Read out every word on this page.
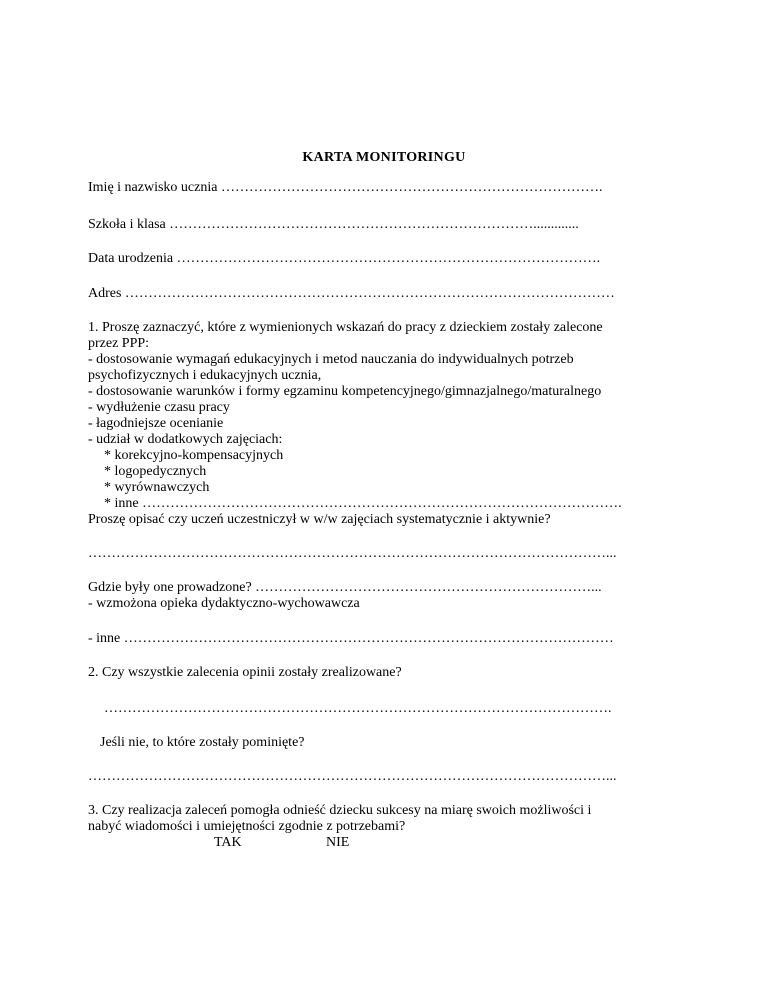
KARTA MONITORINGU
Imię i nazwisko ucznia ……………………………………………………………………….
Szkoła i klasa …………………………………………………………………….............
Data urodzenia ……………………………………………………………………………….
Adres ……………………………………………………………………………………………
1. Proszę zaznaczyć, które z wymienionych wskazań do pracy z dzieckiem zostały zalecone
przez PPP:
- dostosowanie wymagań edukacyjnych i metod nauczania do indywidualnych potrzeb
psychofizycznych i edukacyjnych ucznia,
- dostosowanie warunków i formy egzaminu kompetencyjnego/gimnazjalnego/maturalnego
- wydłużenie czasu pracy
- łagodniejsze ocenianie
- udział w dodatkowych zajęciach:
* korekcyjno-kompensacyjnych
* logopedycznych
* wyrównawczych
* inne ………………………………………………………………………………………….
Proszę opisać czy uczeń uczestniczył w w/w zajęciach systematycznie i aktywnie?
…………………………………………………………………………………………………...
Gdzie były one prowadzone? ………………………………………………………………...
- wzmożona opieka dydaktyczno-wychowawcza
- inne ……………………………………………………………………………………………
2. Czy wszystkie zalecenia opinii zostały zrealizowane?
……………………………………………………………………………………………….
Jeśli nie, to które zostały pominięte?
…………………………………………………………………………………………………...
3. Czy realizacja zaleceń pomogła odnieść dziecku sukcesy na miarę swoich możliwości i
nabyć wiadomości i umiejętności zgodnie z potrzebami?
TAK	NIE
